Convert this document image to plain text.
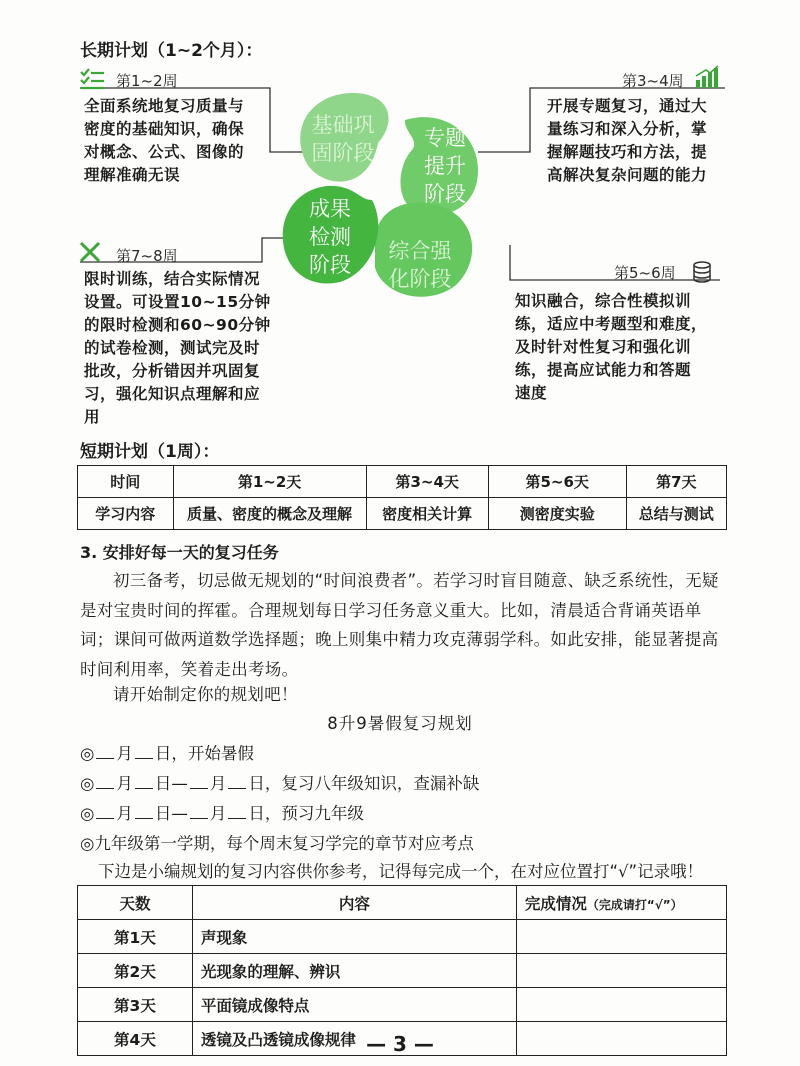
长期计划（1~2个月）：
基础巩
固阶段
专题
提升
阶段
综合强
化阶段
成果
检测
阶段
第1~2周	第3~4周
第5~6周
第7~8周
全面系统地复习质量与
密度的基础知识，确保
对概念、公式、图像的
理解准确无误
开展专题复习，通过大
量练习和深入分析，掌
握解题技巧和方法，提
高解决复杂问题的能力
知识融合，综合性模拟训
练，适应中考题型和难度，
及时针对性复习和强化训
练，提高应试能力和答题
速度
限时训练，结合实际情况
设置。可设置10~15分钟
的限时检测和60~90分钟
的试卷检测，测试完及时
批改，分析错因并巩固复
习，强化知识点理解和应
用
短期计划（1周）：
时间	第1~2天	第3~4天	第5~6天	第7天
学习内容	质量、密度的概念及理解	密度相关计算	测密度实验	总结与测试
3. 安排好每一天的复习任务
初三备考，切忌做无规划的“时间浪费者”。若学习时盲目随意、缺乏系统性，无疑是对宝贵时间的挥霍。合理规划每日学习任务意义重大。比如，清晨适合背诵英语单词；课间可做两道数学选择题；晚上则集中精力攻克薄弱学科。如此安排，能显著提高时间利用率，笑着走出考场。
请开始制定你的规划吧！
8升9暑假复习规划
◎ 月 日，开始暑假
◎ 月 日— 月 日，复习八年级知识，查漏补缺
◎ 月 日— 月 日，预习九年级
◎九年级第一学期，每个周末复习学完的章节对应考点
下边是小编规划的复习内容供你参考，记得每完成一个，在对应位置打“√”记录哦！
天数	内容	完成情况（完成请打“√”）
第1天	声现象	
第2天	光现象的理解、辨识	
第3天	平面镜成像特点	
第4天	透镜及凸透镜成像规律	— 3 —
